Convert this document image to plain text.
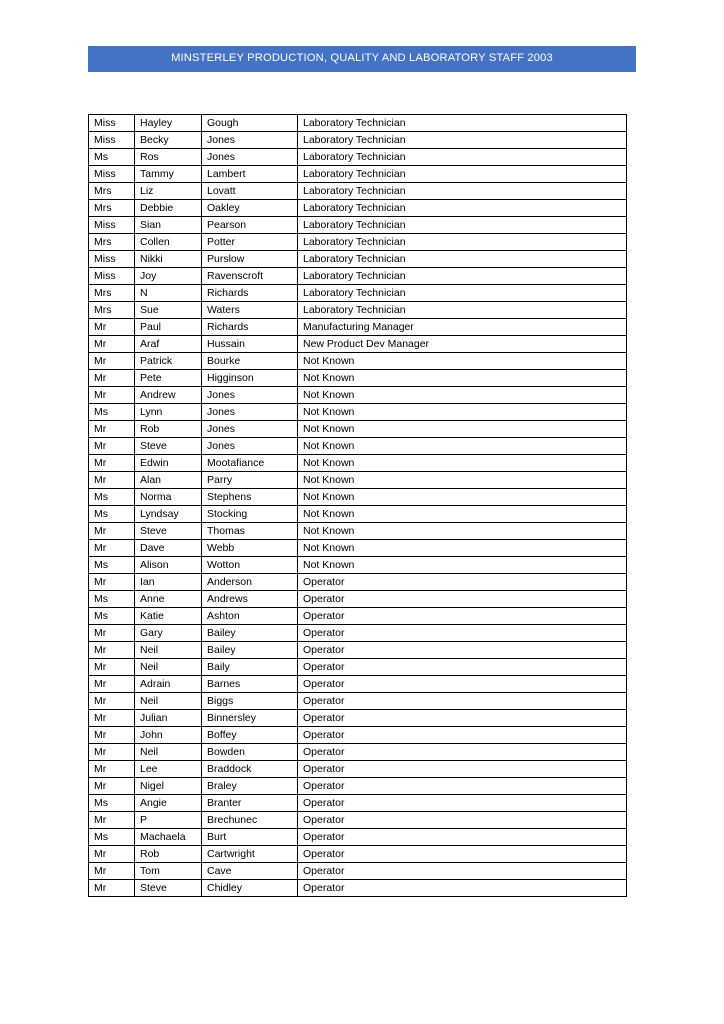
MINSTERLEY PRODUCTION, QUALITY AND LABORATORY STAFF 2003
Miss	Hayley	Gough	Laboratory Technician
Miss	Becky	Jones	Laboratory Technician
Ms	Ros	Jones	Laboratory Technician
Miss	Tammy	Lambert	Laboratory Technician
Mrs	Liz	Lovatt	Laboratory Technician
Mrs	Debbie	Oakley	Laboratory Technician
Miss	Sian	Pearson	Laboratory Technician
Mrs	Collen	Potter	Laboratory Technician
Miss	Nikki	Purslow	Laboratory Technician
Miss	Joy	Ravenscroft	Laboratory Technician
Mrs	N	Richards	Laboratory Technician
Mrs	Sue	Waters	Laboratory Technician
Mr	Paul	Richards	Manufacturing Manager
Mr	Araf	Hussain	New Product Dev Manager
Mr	Patrick	Bourke	Not Known
Mr	Pete	Higginson	Not Known
Mr	Andrew	Jones	Not Known
Ms	Lynn	Jones	Not Known
Mr	Rob	Jones	Not Known
Mr	Steve	Jones	Not Known
Mr	Edwin	Mootafiance	Not Known
Mr	Alan	Parry	Not Known
Ms	Norma	Stephens	Not Known
Ms	Lyndsay	Stocking	Not Known
Mr	Steve	Thomas	Not Known
Mr	Dave	Webb	Not Known
Ms	Alison	Wotton	Not Known
Mr	Ian	Anderson	Operator
Ms	Anne	Andrews	Operator
Ms	Katie	Ashton	Operator
Mr	Gary	Bailey	Operator
Mr	Neil	Bailey	Operator
Mr	Neil	Baily	Operator
Mr	Adrain	Barnes	Operator
Mr	Neil	Biggs	Operator
Mr	Julian	Binnersley	Operator
Mr	John	Boffey	Operator
Mr	Neil	Bowden	Operator
Mr	Lee	Braddock	Operator
Mr	Nigel	Braley	Operator
Ms	Angie	Branter	Operator
Mr	P	Brechunec	Operator
Ms	Machaela	Burt	Operator
Mr	Rob	Cartwright	Operator
Mr	Tom	Cave	Operator
Mr	Steve	Chidley	Operator
